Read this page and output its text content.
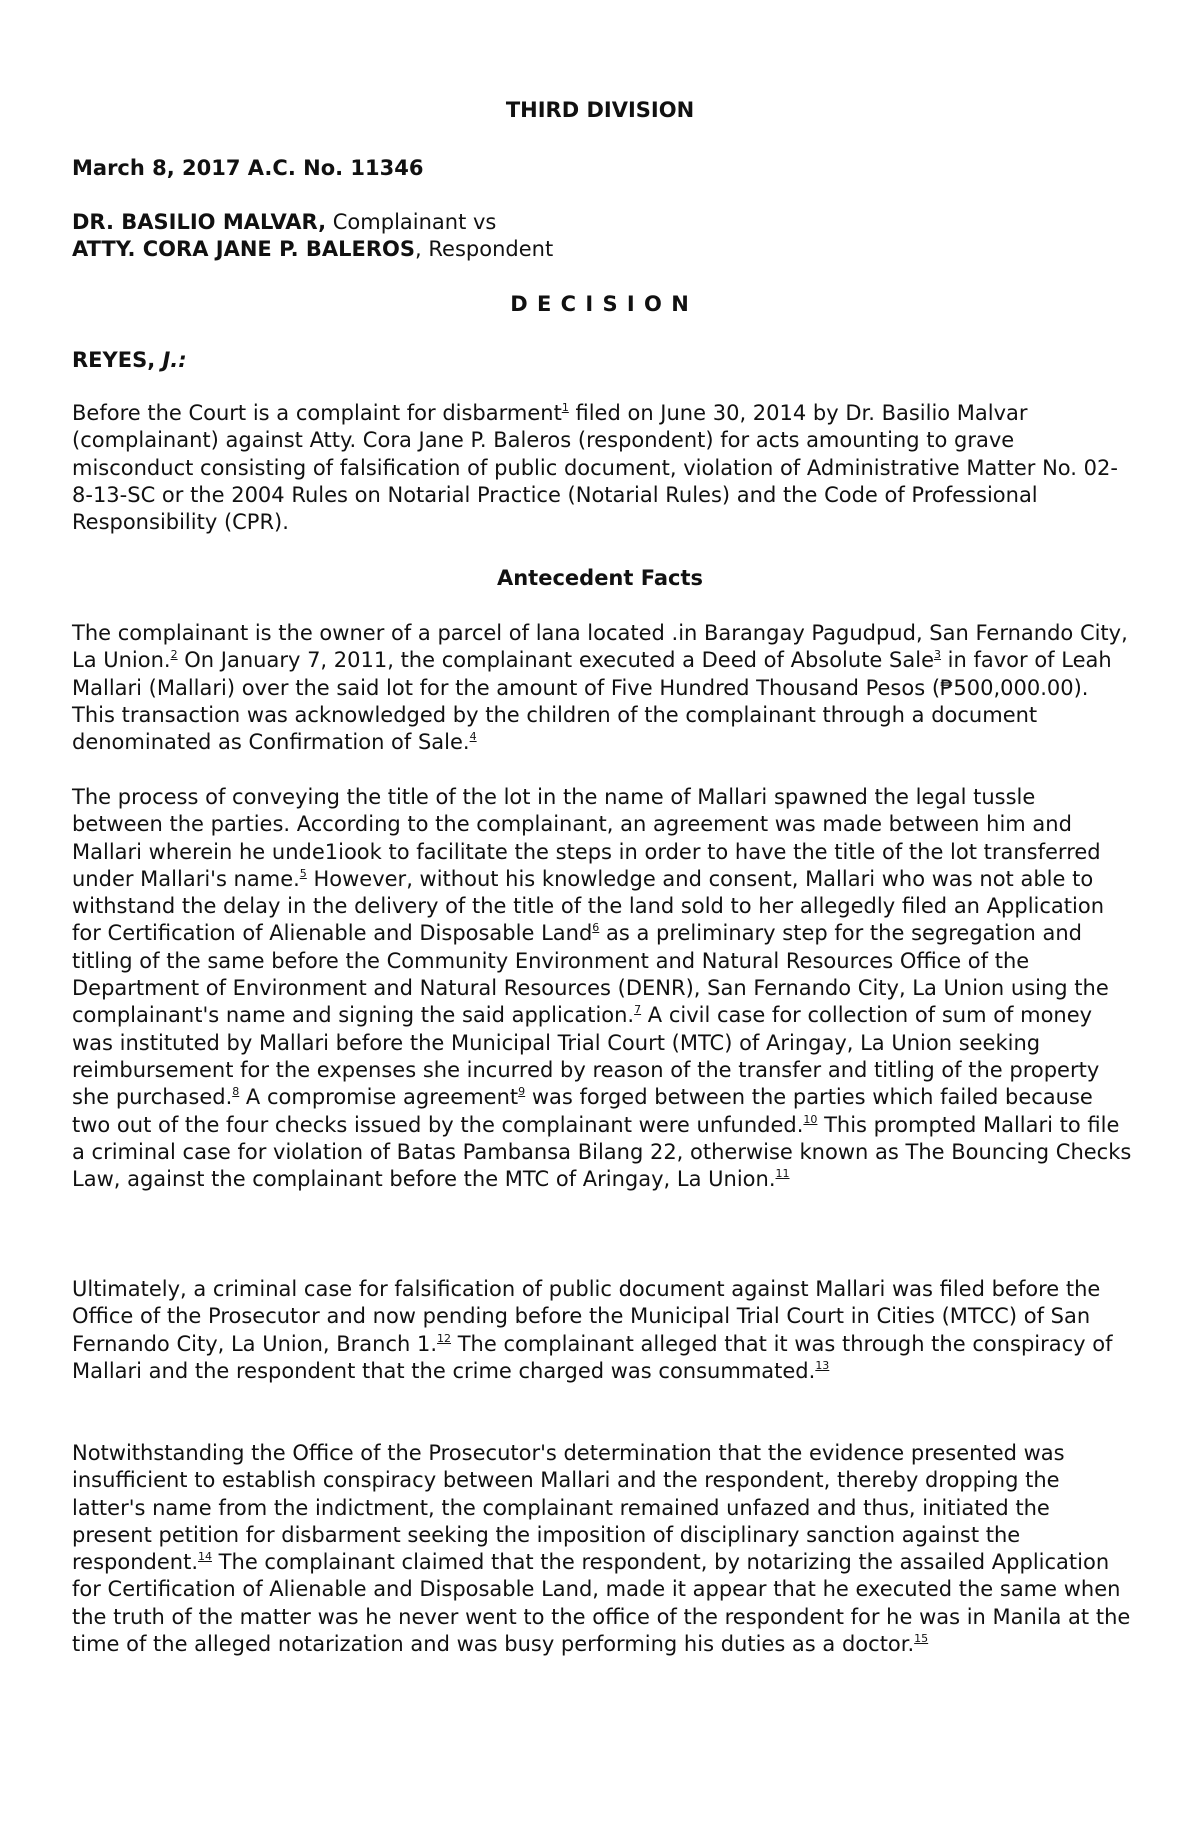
THIRD DIVISION
March 8, 2017 A.C. No. 11346
DR. BASILIO MALVAR, Complainant vs
ATTY. CORA JANE P. BALEROS, Respondent
D E C I S I O N
REYES, J.:

Before the Court is a complaint for disbarment$^1$ filed on June 30, 2014 by Dr. Basilio Malvar (complainant) against Atty. Cora Jane P. Baleros (respondent) for acts amounting to grave misconduct consisting of falsification of public document, violation of Administrative Matter No. 02-8-13-SC or the 2004 Rules on Notarial Practice (Notarial Rules) and the Code of Professional Responsibility (CPR).

Antecedent Facts

The complainant is the owner of a parcel of lana located .in Barangay Pagudpud, San Fernando City, La Union.$^2$ On January 7, 2011, the complainant executed a Deed of Absolute Sale$^3$ in favor of Leah Mallari (Mallari) over the said lot for the amount of Five Hundred Thousand Pesos (₱500,000.00). This transaction was acknowledged by the children of the complainant through a document denominated as Confirmation of Sale.$^4$

The process of conveying the title of the lot in the name of Mallari spawned the legal tussle between the parties. According to the complainant, an agreement was made between him and Mallari wherein he unde1iook to facilitate the steps in order to have the title of the lot transferred under Mallari's name.$^5$ However, without his knowledge and consent, Mallari who was not able to withstand the delay in the delivery of the title of the land sold to her allegedly filed an Application for Certification of Alienable and Disposable Land$^6$ as a preliminary step for the segregation and titling of the same before the Community Environment and Natural Resources Office of the Department of Environment and Natural Resources (DENR), San Fernando City, La Union using the complainant's name and signing the said application.$^7$ A civil case for collection of sum of money was instituted by Mallari before the Municipal Trial Court (MTC) of Aringay, La Union seeking reimbursement for the expenses she incurred by reason of the transfer and titling of the property she purchased.$^8$ A compromise agreement$^9$ was forged between the parties which failed because two out of the four checks issued by the complainant were unfunded.$^{10}$ This prompted Mallari to file a criminal case for violation of Batas Pambansa Bilang 22, otherwise known as The Bouncing Checks Law, against the complainant before the MTC of Aringay, La Union.$^{11}$

Ultimately, a criminal case for falsification of public document against Mallari was filed before the Office of the Prosecutor and now pending before the Municipal Trial Court in Cities (MTCC) of San Fernando City, La Union, Branch 1.12 The complainant alleged that it was through the conspiracy of Mallari and the respondent that the crime charged was consummated.$^{13}$

Notwithstanding the Office of the Prosecutor's determination that the evidence presented was insufficient to establish conspiracy between Mallari and the respondent, thereby dropping the latter's name from the indictment, the complainant remained unfazed and thus, initiated the present petition for disbarment seeking the imposition of disciplinary sanction against the respondent.$^{14}$ The complainant claimed that the respondent, by notarizing the assailed Application for Certification of Alienable and Disposable Land, made it appear that he executed the same when the truth of the matter was he never went to the office of the respondent for he was in Manila at the time of the alleged notarization and was busy performing his duties as a doctor.$^{15}$
